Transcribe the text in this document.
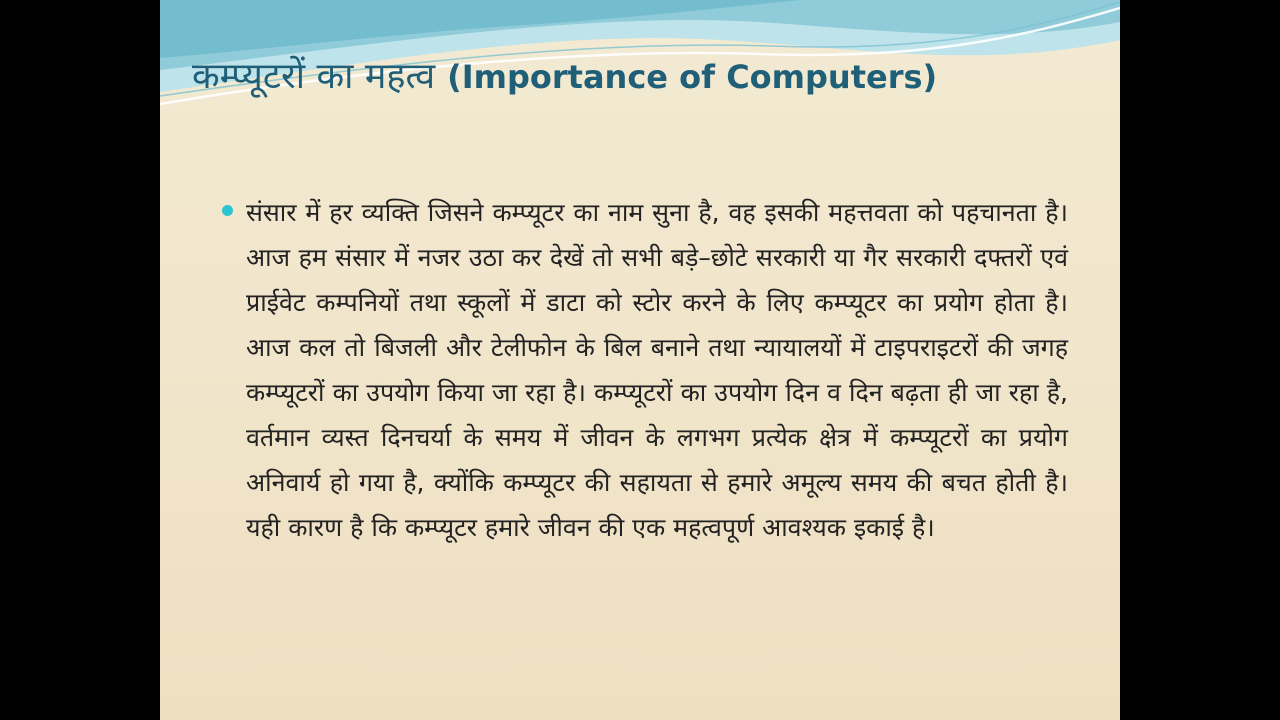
कम्प्यूटरों का महत्व (Importance of Computers)
संसार में हर व्यक्ति जिसने कम्प्यूटर का नाम सुना है, वह इसकी महत्तवता को पहचानता है। आज हम संसार में नजर उठा कर देखें तो सभी बड़े–छोटे सरकारी या गैर सरकारी दफ्तरों एवं प्राईवेट कम्पनियों तथा स्कूलों में डाटा को स्टोर करने के लिए कम्प्यूटर का प्रयोग होता है। आज कल तो बिजली और टेलीफोन के बिल बनाने तथा न्यायालयों में टाइपराइटरों की जगह कम्प्यूटरों का उपयोग किया जा रहा है। कम्प्यूटरों का उपयोग दिन व दिन बढ़ता ही जा रहा है, वर्तमान व्यस्त दिनचर्या के समय में जीवन के लगभग प्रत्येक क्षेत्र में कम्प्यूटरों का प्रयोग अनिवार्य हो गया है, क्योंकि कम्प्यूटर की सहायता से हमारे अमूल्य समय की बचत होती है। यही कारण है कि कम्प्यूटर हमारे जीवन की एक महत्वपूर्ण आवश्यक इकाई है।
